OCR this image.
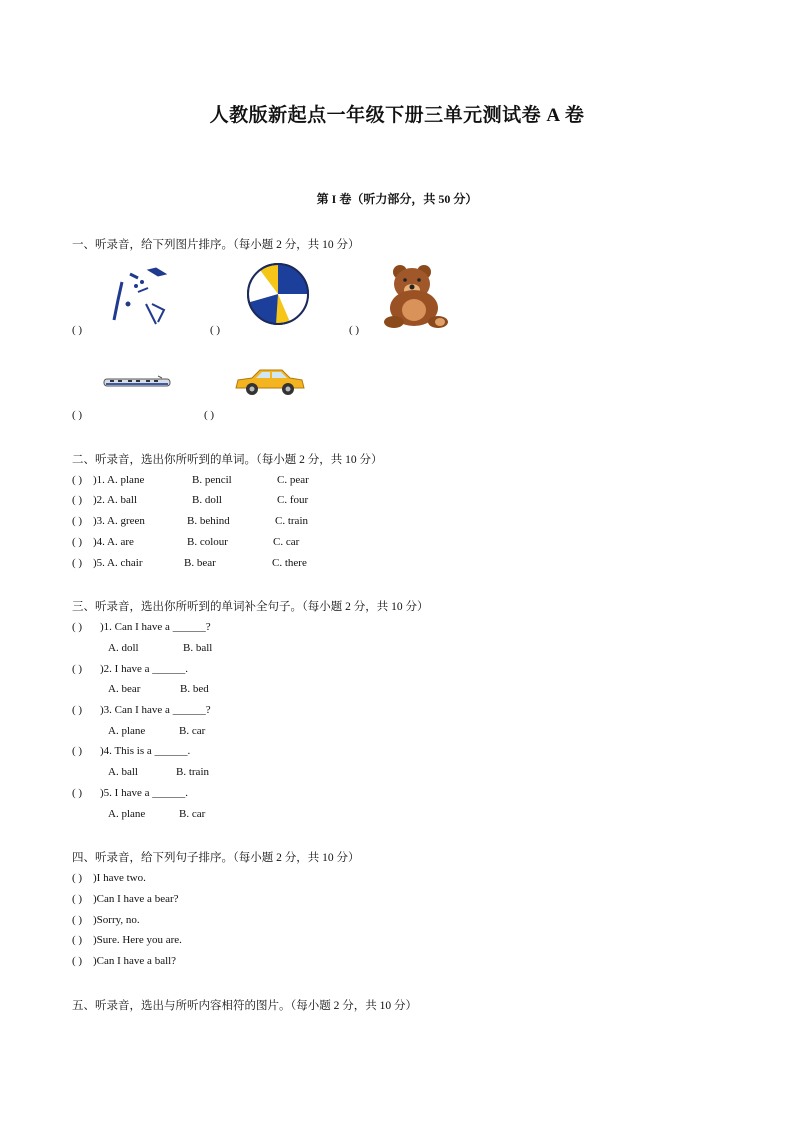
人教版新起点一年级下册三单元测试卷 A 卷
第 I 卷（听力部分，共 50 分）
一、听录音，给下列图片排序。（每小题 2 分，共 10 分）
( )	( )	( )
( )	( )
二、听录音，选出你所听到的单词。（每小题 2 分，共 10 分）
( ) )1. A. plane	B. pencil	C. pear
( ) )2. A. ball	B. doll	C. four
( ) )3. A. green	B. behind	C. train
( ) )4. A. are	B. colour	C. car
( ) )5. A. chair	B. bear	C. there
三、听录音，选出你所听到的单词补全句子。（每小题 2 分，共 10 分）
( ) )1. Can I have a ______?
A. doll	B. ball
( ) )2. I have a ______.
A. bear	B. bed
( ) )3. Can I have a ______?
A. plane	B. car
( ) )4. This is a ______.
A. ball	B. train
( ) )5. I have a ______.
A. plane	B. car
四、听录音，给下列句子排序。（每小题 2 分，共 10 分）
( ) )I have two.
( ) )Can I have a bear?
( ) )Sorry, no.
( ) )Sure. Here you are.
( ) )Can I have a ball?
五、听录音，选出与所听内容相符的图片。（每小题 2 分，共 10 分）
